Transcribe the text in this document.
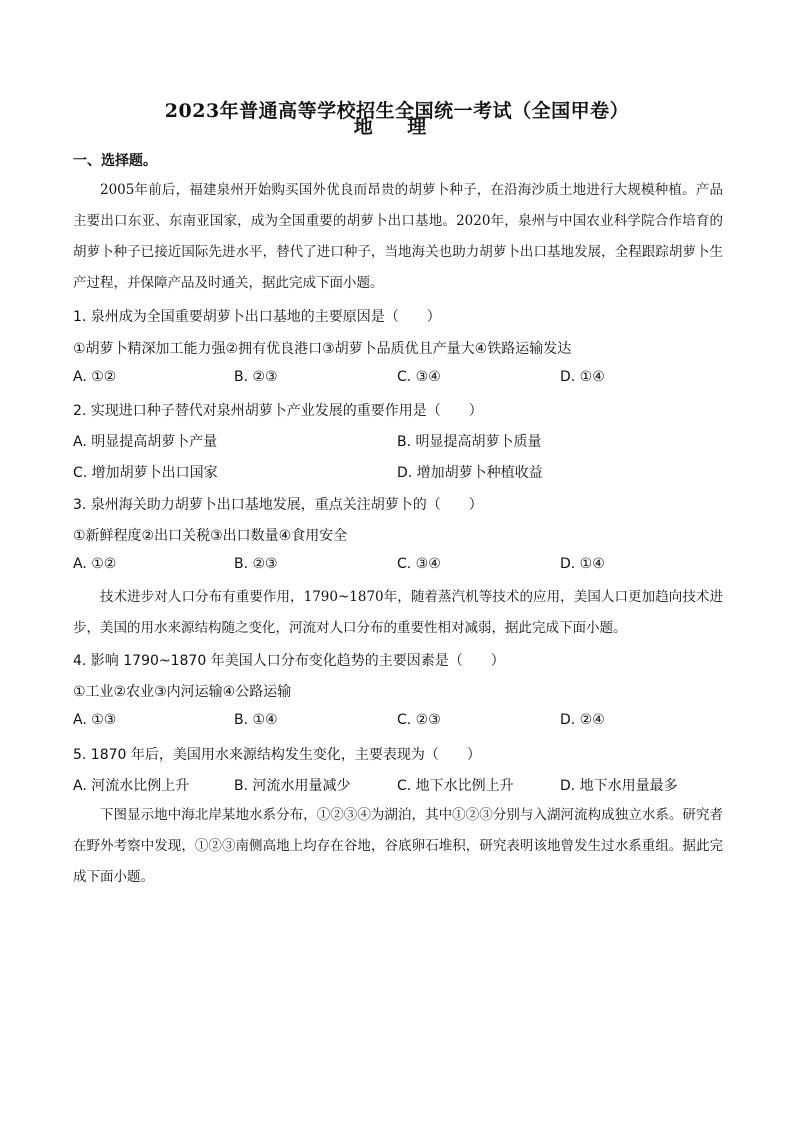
2023年普通高等学校招生全国统一考试（全国甲卷）
地 理
一、选择题。
2005年前后，福建泉州开始购买国外优良而昂贵的胡萝卜种子，在沿海沙质土地进行大规模种植。产品主要出口东亚、东南亚国家，成为全国重要的胡萝卜出口基地。2020年，泉州与中国农业科学院合作培育的胡萝卜种子已接近国际先进水平，替代了进口种子，当地海关也助力胡萝卜出口基地发展，全程跟踪胡萝卜生产过程，并保障产品及时通关，据此完成下面小题。
1. 泉州成为全国重要胡萝卜出口基地的主要原因是（　　）
①胡萝卜精深加工能力强②拥有优良港口③胡萝卜品质优且产量大④铁路运输发达
A. ①②	B. ②③	C. ③④	D. ①④
2. 实现进口种子替代对泉州胡萝卜产业发展的重要作用是（　　）
A. 明显提高胡萝卜产量	B. 明显提高胡萝卜质量
C. 增加胡萝卜出口国家	D. 增加胡萝卜种植收益
3. 泉州海关助力胡萝卜出口基地发展，重点关注胡萝卜的（　　）
①新鲜程度②出口关税③出口数量④食用安全
A. ①②	B. ②③	C. ③④	D. ①④
技术进步对人口分布有重要作用，1790~1870年，随着蒸汽机等技术的应用，美国人口更加趋向技术进步，美国的用水来源结构随之变化，河流对人口分布的重要性相对减弱，据此完成下面小题。
4. 影响 1790~1870 年美国人口分布变化趋势的主要因素是（　　）
①工业②农业③内河运输④公路运输
A. ①③	B. ①④	C. ②③	D. ②④
5. 1870 年后，美国用水来源结构发生变化，主要表现为（　　）
A. 河流水比例上升	B. 河流水用量减少	C. 地下水比例上升	D. 地下水用量最多
下图显示地中海北岸某地水系分布，①②③④为湖泊，其中①②③分别与入湖河流构成独立水系。研究者在野外考察中发现，①②③南侧高地上均存在谷地，谷底卵石堆积，研究表明该地曾发生过水系重组。据此完成下面小题。
